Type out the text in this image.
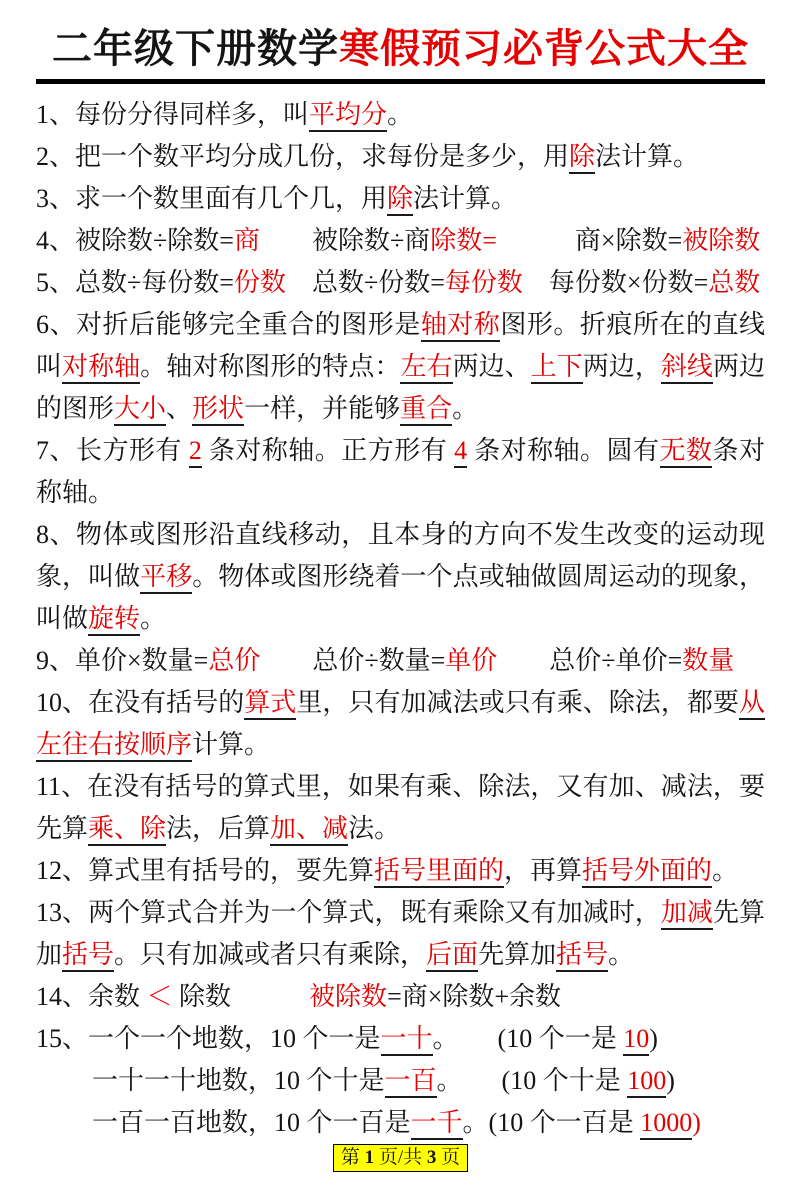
二年级下册数学寒假预习必背公式大全

1、每份分得同样多，叫平均分。

2、把一个数平均分成几份，求每份是多少，用除法计算。

3、求一个数里面有几个几，用除法计算。

4、被除数÷除数=商　　被除数÷商除数=　　　商×除数=被除数

5、总数÷每份数=份数　总数÷份数=每份数　每份数×份数=总数

6、对折后能够完全重合的图形是轴对称图形。折痕所在的直线叫对称轴。轴对称图形的特点：左右两边、上下两边，斜线两边的图形大小、形状一样，并能够重合。

7、长方形有 2 条对称轴。正方形有 4 条对称轴。圆有无数条对称轴。

8、物体或图形沿直线移动，且本身的方向不发生改变的运动现象，叫做平移。物体或图形绕着一个点或轴做圆周运动的现象，叫做旋转。

9、单价×数量=总价　　总价÷数量=单价　　总价÷单价=数量

10、在没有括号的算式里，只有加减法或只有乘、除法，都要从左往右按顺序计算。

11、在没有括号的算式里，如果有乘、除法，又有加、减法，要先算乘、除法，后算加、减法。

12、算式里有括号的，要先算括号里面的，再算括号外面的。

13、两个算式合并为一个算式，既有乘除又有加减时，加减先算加括号。只有加减或者只有乘除，后面先算加括号。

14、余数 ＜ 除数　　　被除数=商×除数+余数

15、一个一个地数，10 个一是一十。　　(10 个一是 10)

一十一十地数，10 个十是一百。　　(10 个十是 100)

一百一百地数，10 个一百是一千。(10 个一百是 1000)

第 1 页/共 3 页
